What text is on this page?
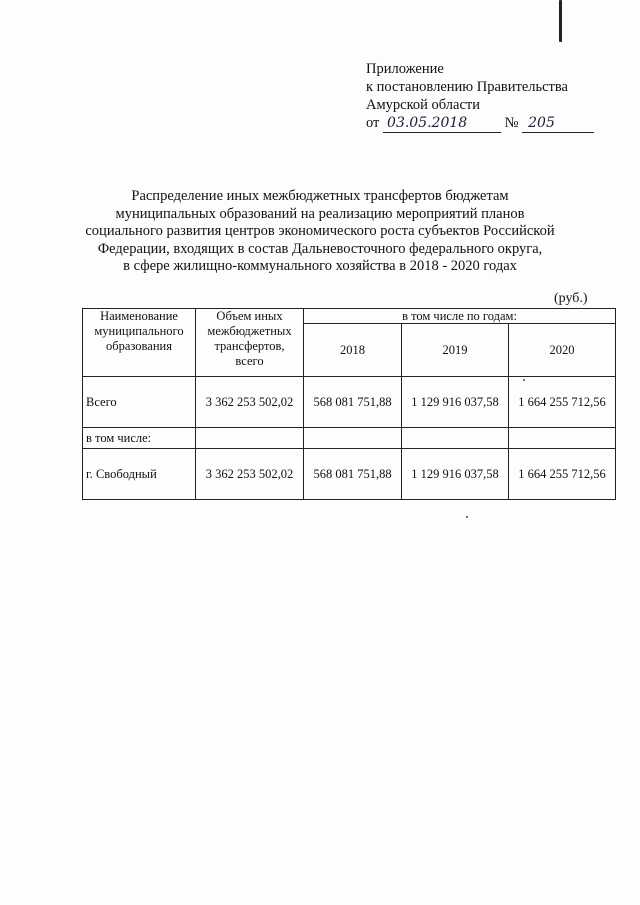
Приложение
к постановлению Правительства
Амурской области
от 03.05.2018	№ 205
Распределение иных межбюджетных трансфертов бюджетам
муниципальных образований на реализацию мероприятий планов
социального развития центров экономического роста субъектов Российской
Федерации, входящих в состав Дальневосточного федерального округа,
в сфере жилищно-коммунального хозяйства в 2018 - 2020 годах
(руб.)
Наименование муниципального образования	Объем иных межбюджетных трансфертов, всего	в том числе по годам:		
		2018	2019	2020
Всего	3 362 253 502,02	568 081 751,88	1 129 916 037,58	1 664 255 712,56
в том числе:				
г. Свободный	3 362 253 502,02	568 081 751,88	1 129 916 037,58	1 664 255 712,56
